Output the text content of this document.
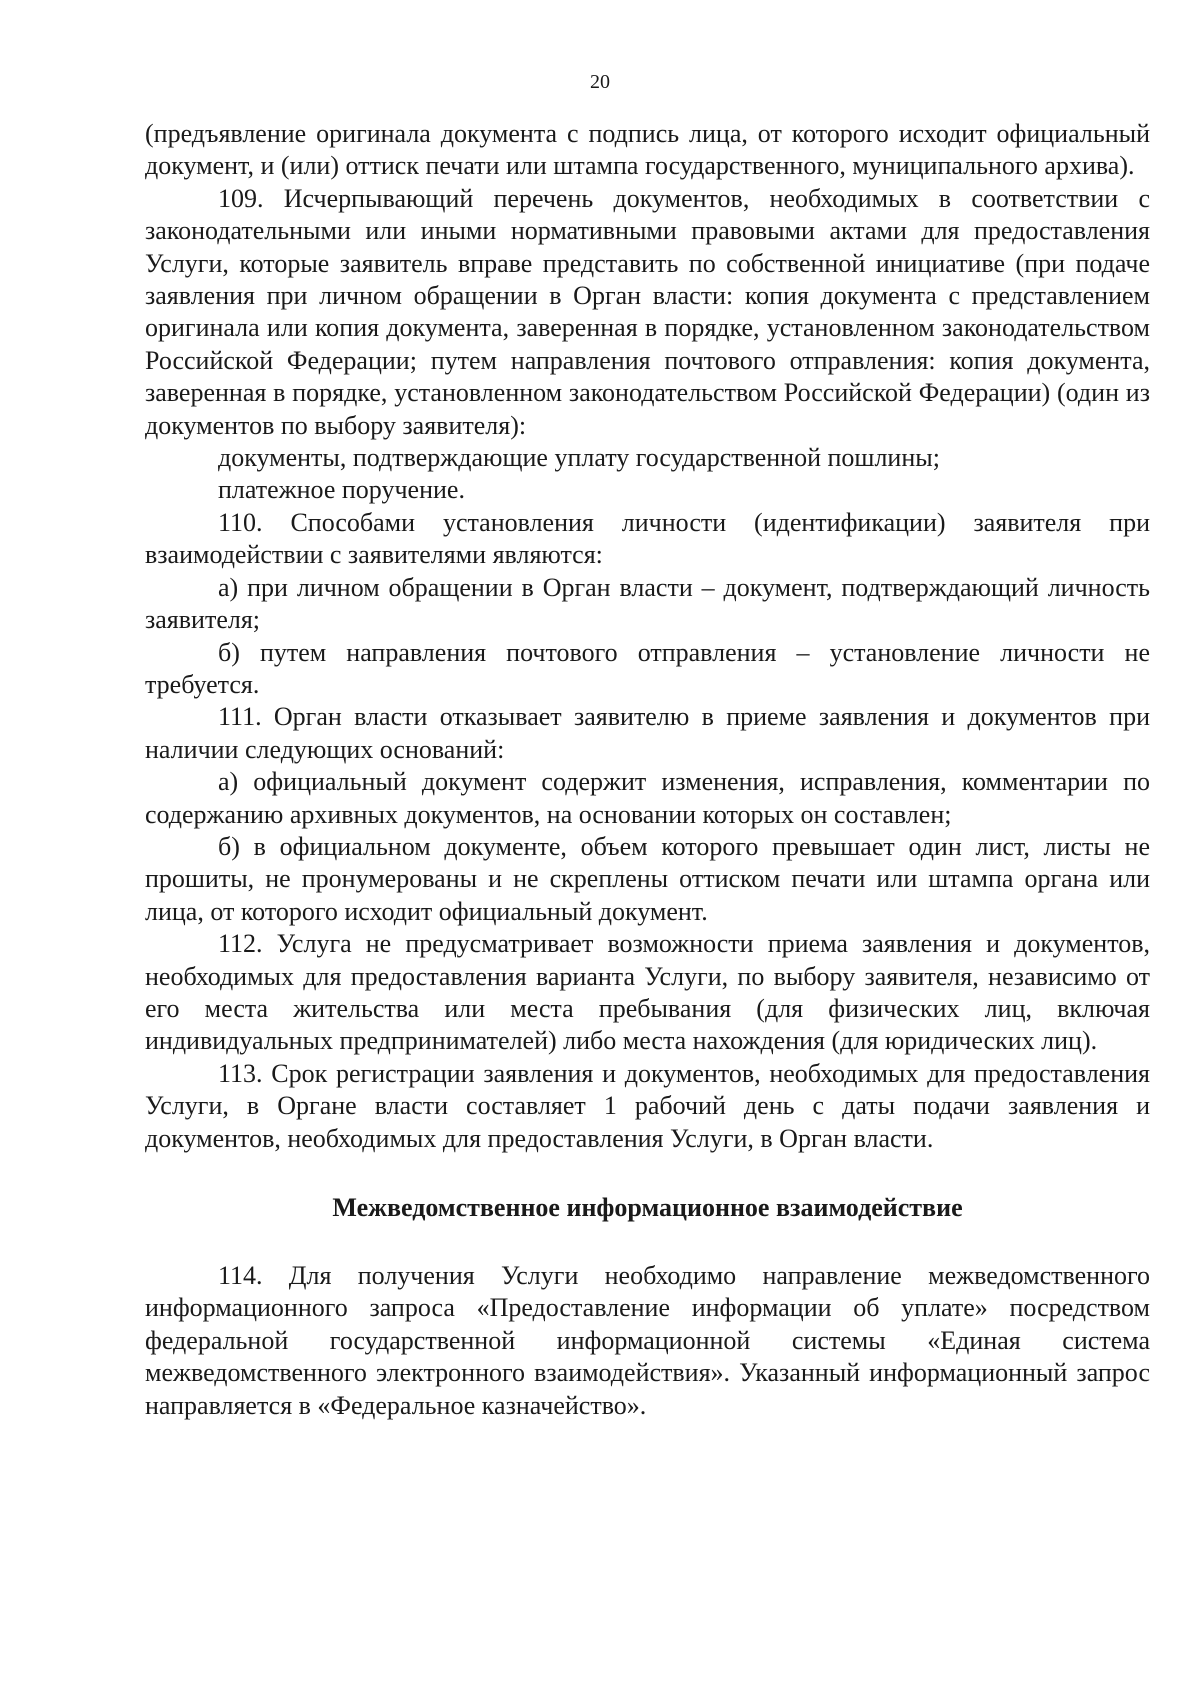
20

(предъявление оригинала документа с подпись лица, от которого исходит официальный документ, и (или) оттиск печати или штампа государственного, муниципального архива).

109. Исчерпывающий перечень документов, необходимых в соответствии с законодательными или иными нормативными правовыми актами для предоставления Услуги, которые заявитель вправе представить по собственной инициативе (при подаче заявления при личном обращении в Орган власти: копия документа с представлением оригинала или копия документа, заверенная в порядке, установленном законодательством Российской Федерации; путем направления почтового отправления: копия документа, заверенная в порядке, установленном законодательством Российской Федерации) (один из документов по выбору заявителя):

документы, подтверждающие уплату государственной пошлины;

платежное поручение.

110. Способами установления личности (идентификации) заявителя при взаимодействии с заявителями являются:

а) при личном обращении в Орган власти – документ, подтверждающий личность заявителя;

б) путем направления почтового отправления – установление личности не требуется.

111. Орган власти отказывает заявителю в приеме заявления и документов при наличии следующих оснований:

а) официальный документ содержит изменения, исправления, комментарии по содержанию архивных документов, на основании которых он составлен;

б) в официальном документе, объем которого превышает один лист, листы не прошиты, не пронумерованы и не скреплены оттиском печати или штампа органа или лица, от которого исходит официальный документ.

112. Услуга не предусматривает возможности приема заявления и документов, необходимых для предоставления варианта Услуги, по выбору заявителя, независимо от его места жительства или места пребывания (для физических лиц, включая индивидуальных предпринимателей) либо места нахождения (для юридических лиц).

113. Срок регистрации заявления и документов, необходимых для предоставления Услуги, в Органе власти составляет 1 рабочий день с даты подачи заявления и документов, необходимых для предоставления Услуги, в Орган власти.

Межведомственное информационное взаимодействие

114. Для получения Услуги необходимо направление межведомственного информационного запроса «Предоставление информации об уплате» посредством федеральной государственной информационной системы «Единая система межведомственного электронного взаимодействия». Указанный информационный запрос направляется в «Федеральное казначейство».
